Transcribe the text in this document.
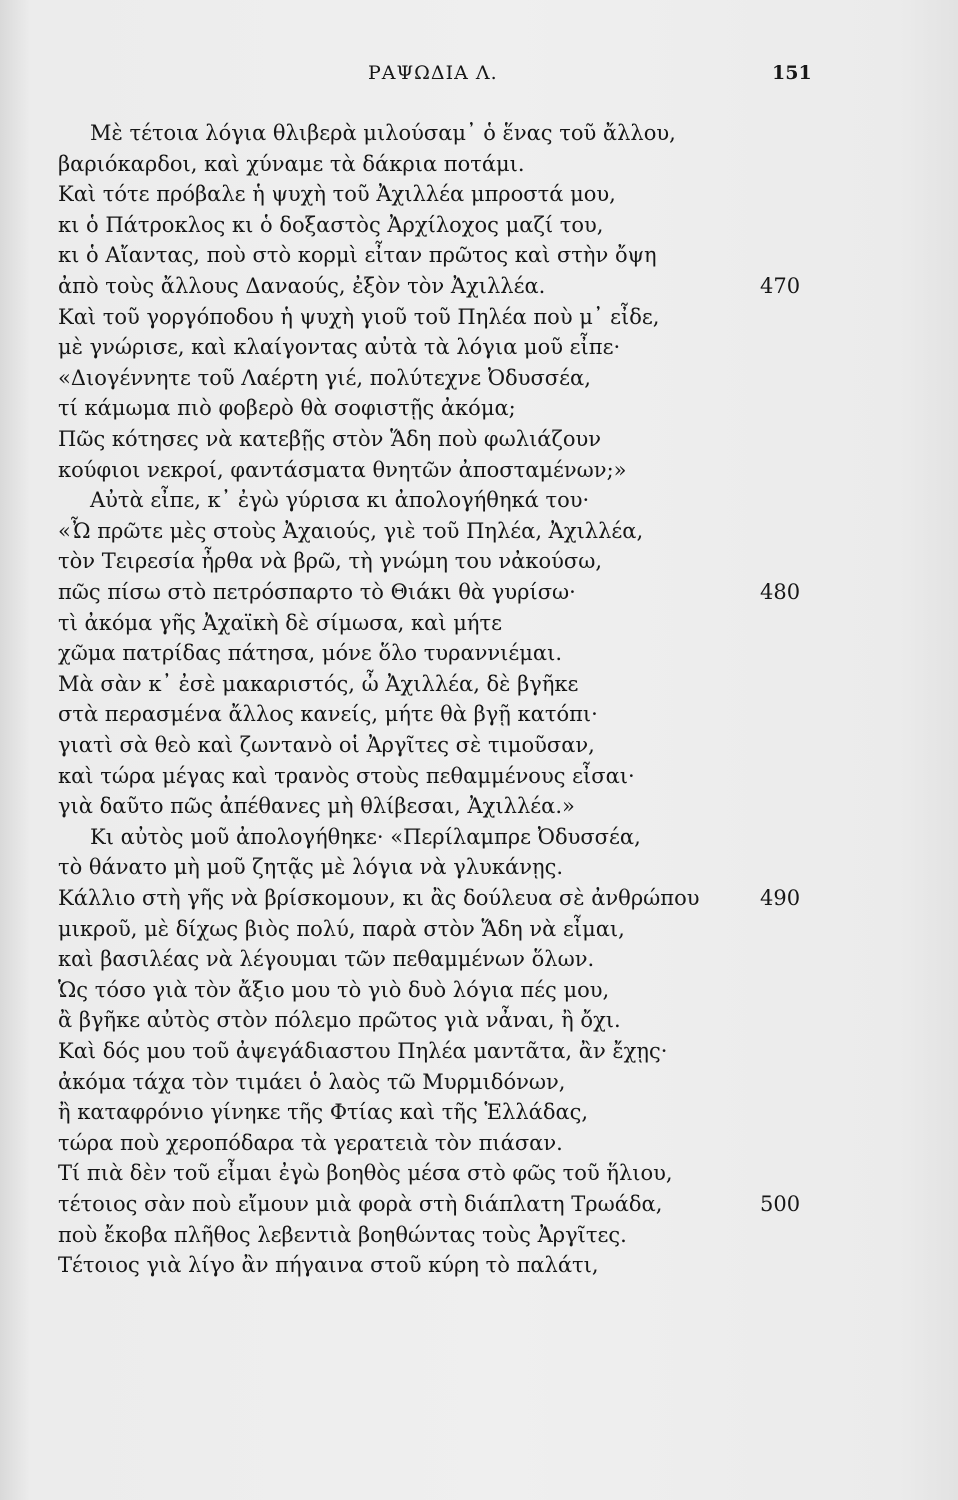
ΡΑΨΩΔΙΑ Λ.	151
Μὲ τέτοια λόγια θλιβερὰ μιλούσαμ᾽ ὁ ἕνας τοῦ ἄλλου,
βαριόκαρδοι, καὶ χύναμε τὰ δάκρια ποτάμι.
Καὶ τότε πρόβαλε ἡ ψυχὴ τοῦ Ἀχιλλέα μπροστά μου,
κι ὁ Πάτροκλος κι ὁ δοξαστὸς Ἀρχίλοχος μαζί του,
κι ὁ Αἴαντας, ποὺ στὸ κορμὶ εἶταν πρῶτος καὶ στὴν ὄψη
ἀπὸ τοὺς ἄλλους Δαναούς, ἐξὸν τὸν Ἀχιλλέα.	470
Καὶ τοῦ γοργόποδου ἡ ψυχὴ γιοῦ τοῦ Πηλέα ποὺ μ᾽ εἶδε,
μὲ γνώρισε, καὶ κλαίγοντας αὐτὰ τὰ λόγια μοῦ εἶπε·
«Διογέννητε τοῦ Λαέρτη γιέ, πολύτεχνε Ὀδυσσέα,
τί κάμωμα πιὸ φοβερὸ θὰ σοφιστῇς ἀκόμα;
Πῶς κότησες νὰ κατεβῇς στὸν Ἅδη ποὺ φωλιάζουν
κούφιοι νεκροί, φαντάσματα θνητῶν ἀποσταμένων;»
Αὐτὰ εἶπε, κ᾽ ἐγὼ γύρισα κι ἀπολογήθηκά του·
«Ὦ πρῶτε μὲς στοὺς Ἀχαιούς, γιὲ τοῦ Πηλέα, Ἀχιλλέα,
τὸν Τειρεσία ἦρθα νὰ βρῶ, τὴ γνώμη του νἀκούσω,
πῶς πίσω στὸ πετρόσπαρτο τὸ Θιάκι θὰ γυρίσω·	480
τὶ ἀκόμα γῆς Ἀχαϊκὴ δὲ σίμωσα, καὶ μήτε
χῶμα πατρίδας πάτησα, μόνε ὅλο τυραννιέμαι.
Μὰ σὰν κ᾽ ἐσὲ μακαριστός, ὦ Ἀχιλλέα, δὲ βγῆκε
στὰ περασμένα ἄλλος κανείς, μήτε θὰ βγῇ κατόπι·
γιατὶ σὰ θεὸ καὶ ζωντανὸ οἱ Ἀργῖτες σὲ τιμοῦσαν,
καὶ τώρα μέγας καὶ τρανὸς στοὺς πεθαμμένους εἶσαι·
γιὰ δαῦτο πῶς ἀπέθανες μὴ θλίβεσαι, Ἀχιλλέα.»
Κι αὐτὸς μοῦ ἀπολογήθηκε· «Περίλαμπρε Ὀδυσσέα,
τὸ θάνατο μὴ μοῦ ζητᾷς μὲ λόγια νὰ γλυκάνῃς.
Κάλλιο στὴ γῆς νὰ βρίσκομουν, κι ἂς δούλευα σὲ ἀνθρώπου	490
μικροῦ, μὲ δίχως βιὸς πολύ, παρὰ στὸν Ἅδη νὰ εἶμαι,
καὶ βασιλέας νὰ λέγουμαι τῶν πεθαμμένων ὅλων.
Ὡς τόσο γιὰ τὸν ἄξιο μου τὸ γιὸ δυὸ λόγια πές μου,
ἂ βγῆκε αὐτὸς στὸν πόλεμο πρῶτος γιὰ νἆναι, ἢ ὄχι.
Καὶ δός μου τοῦ ἀψεγάδιαστου Πηλέα μαντᾶτα, ἂν ἔχῃς·
ἀκόμα τάχα τὸν τιμάει ὁ λαὸς τῶ Μυρμιδόνων,
ἢ καταφρόνιο γίνηκε τῆς Φτίας καὶ τῆς Ἑλλάδας,
τώρα ποὺ χεροπόδαρα τὰ γερατειὰ τὸν πιάσαν.
Τί πιὰ δὲν τοῦ εἶμαι ἐγὼ βοηθὸς μέσα στὸ φῶς τοῦ ἥλιου,
τέτοιος σὰν ποὺ εἴμουν μιὰ φορὰ στὴ διάπλατη Τρωάδα,	500
ποὺ ἔκοβα πλῆθος λεβεντιὰ βοηθώντας τοὺς Ἀργῖτες.
Τέτοιος γιὰ λίγο ἂν πήγαινα στοῦ κύρη τὸ παλάτι,
